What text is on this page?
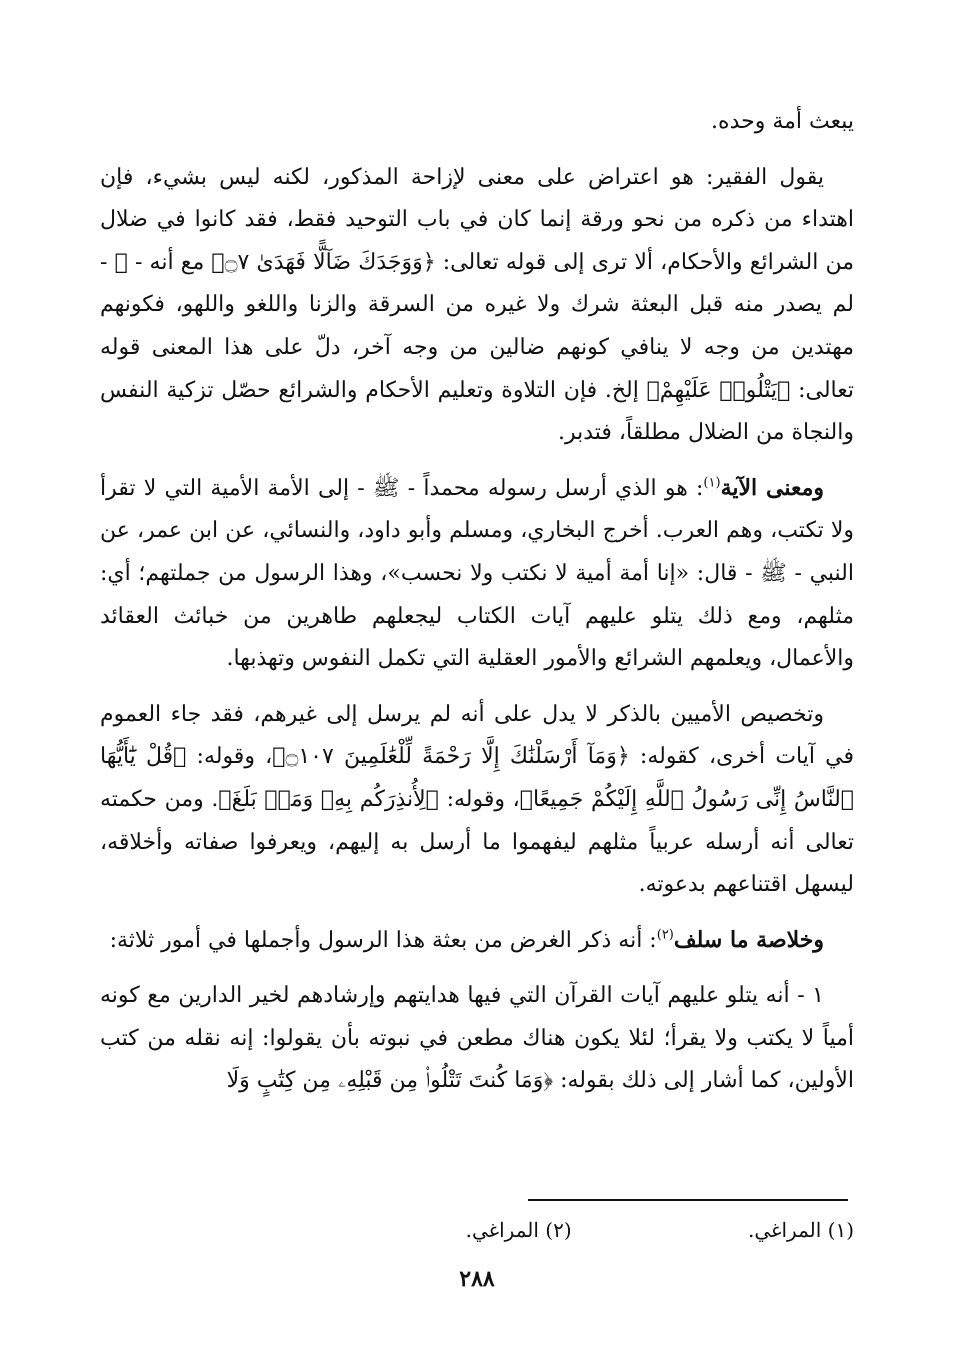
يبعث أمة وحده.

يقول الفقير: هو اعتراض على معنى لإزاحة المذكور، لكنه ليس بشيء، فإن اهتداء من ذكره من نحو ورقة إنما كان في باب التوحيد فقط، فقد كانوا في ضلال من الشرائع والأحكام، ألا ترى إلى قوله تعالى: ﴿وَوَجَدَكَ ضَآلًّا فَهَدَىٰ ۝٧﴾ مع أنه - ﷺ - لم يصدر منه قبل البعثة شرك ولا غيره من السرقة والزنا واللغو واللهو، فكونهم مهتدين من وجه لا ينافي كونهم ضالين من وجه آخر، دلّ على هذا المعنى قوله تعالى: ﴿يَتْلُوا۟ عَلَيْهِمْ﴾ إلخ. فإن التلاوة وتعليم الأحكام والشرائع حصّل تزكية النفس والنجاة من الضلال مطلقاً، فتدبر.

ومعنى الآية$^{(١)}$: هو الذي أرسل رسوله محمداً - ﷺ - إلى الأمة الأمية التي لا تقرأ ولا تكتب، وهم العرب. أخرج البخاري، ومسلم وأبو داود، والنسائي، عن ابن عمر، عن النبي - ﷺ - قال: «إنا أمة أمية لا نكتب ولا نحسب»، وهذا الرسول من جملتهم؛ أي: مثلهم، ومع ذلك يتلو عليهم آيات الكتاب ليجعلهم طاهرين من خبائث العقائد والأعمال، ويعلمهم الشرائع والأمور العقلية التي تكمل النفوس وتهذبها.

وتخصيص الأميين بالذكر لا يدل على أنه لم يرسل إلى غيرهم، فقد جاء العموم في آيات أخرى، كقوله: ﴿وَمَآ أَرْسَلْنَٰكَ إِلَّا رَحْمَةً لِّلْعَٰلَمِينَ ۝١٠٧﴾، وقوله: ﴿قُلْ يَٰٓأَيُّهَا ٱلنَّاسُ إِنِّى رَسُولُ ٱللَّهِ إِلَيْكُمْ جَمِيعًا﴾، وقوله: ﴿لِأُنذِرَكُم بِهِۦ وَمَنۢ بَلَغَ﴾. ومن حكمته تعالى أنه أرسله عربياً مثلهم ليفهموا ما أرسل به إليهم، ويعرفوا صفاته وأخلاقه، ليسهل اقتناعهم بدعوته.

وخلاصة ما سلف$^{(٢)}$: أنه ذكر الغرض من بعثة هذا الرسول وأجملها في أمور ثلاثة:

١ - أنه يتلو عليهم آيات القرآن التي فيها هدايتهم وإرشادهم لخير الدارين مع كونه أمياً لا يكتب ولا يقرأ؛ لئلا يكون هناك مطعن في نبوته بأن يقولوا: إنه نقله من كتب الأولين، كما أشار إلى ذلك بقوله: ﴿وَمَا كُنتَ تَتْلُوا۟ مِن قَبْلِهِۦ مِن كِتَٰبٍ وَلَا

(١) المراغي. (٢) المراغي.
٢٨٨
